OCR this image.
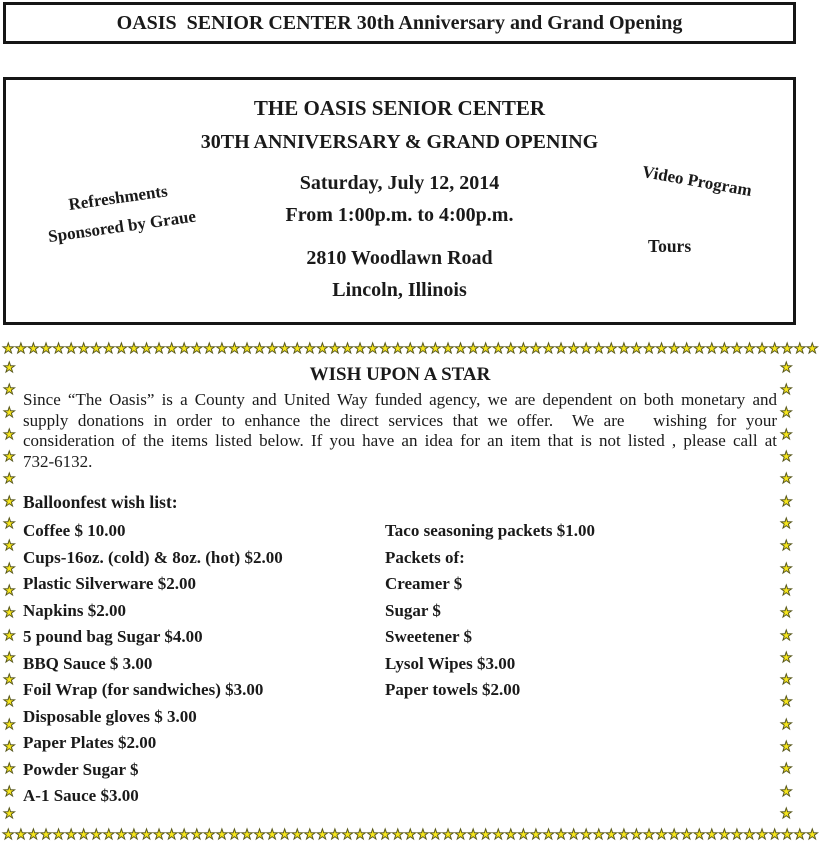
OASIS  SENIOR CENTER 30th Anniversary and Grand Opening
THE OASIS SENIOR CENTER
30TH ANNIVERSARY & GRAND OPENING
Saturday, July 12, 2014
From 1:00p.m. to 4:00p.m.
2810 Woodlawn Road
Lincoln, Illinois
Refreshments
Sponsored by Graue
Video Program
Tours
★ ★ ★ ★ ★ ★ ★ ★ ★ ★ ★ ★ ★ ★ ★ ★ ★ ★ ★ ★ ★ ★ ★ ★ ★ ★ ★ ★ ★ ★ ★ ★ ★ ★ ★ ★ ★ ★ ★ ★ ★ ★ ★ ★ ★ ★ ★ ★ ★ ★ ★ ★ ★ ★ ★ ★ ★ ★ ★ ★ ★ ★ ★ ★ ★
★
★
★
★
★
★
★
★
★
★
★
★
★
★
★
★
★
★
★
★
★
★
★
★
★
★
★
★
★
★
★
★
★
★
★
★
★
★
★
★
★
★
★ ★ ★ ★ ★ ★ ★ ★ ★ ★ ★ ★ ★ ★ ★ ★ ★ ★ ★ ★ ★ ★ ★ ★ ★ ★ ★ ★ ★ ★ ★ ★ ★ ★ ★ ★ ★ ★ ★ ★ ★ ★ ★ ★ ★ ★ ★ ★ ★ ★ ★ ★ ★ ★ ★ ★ ★ ★ ★ ★ ★ ★ ★ ★ ★
WISH UPON A STAR
Since “The Oasis” is a County and United Way funded agency, we are dependent on both monetary and
supply donations in order to enhance the direct services that we offer.  We are   wishing for your
consideration of the items listed below. If you have an idea for an item that is not listed , please call at
732-6132.
Balloonfest wish list:
Coffee $ 10.00	Taco seasoning packets $1.00
Cups-16oz. (cold) & 8oz. (hot) $2.00	Packets of:
Plastic Silverware $2.00	Creamer $
Napkins $2.00	Sugar $
5 pound bag Sugar $4.00	Sweetener $
BBQ Sauce $ 3.00	Lysol Wipes $3.00
Foil Wrap (for sandwiches) $3.00	Paper towels $2.00
Disposable gloves $ 3.00
Paper Plates $2.00
Powder Sugar $
A-1 Sauce $3.00
